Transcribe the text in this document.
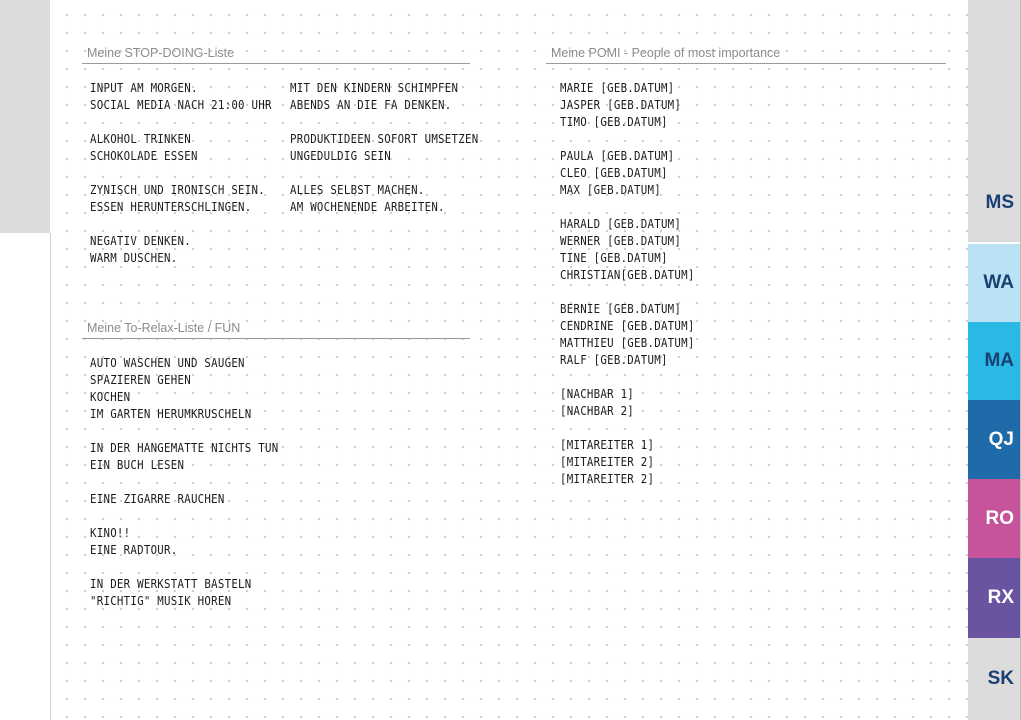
Meine STOP-DOING-Liste
INPUT AM MORGEN.
SOCIAL MEDIA NACH 21:00 UHR
ALKOHOL TRINKEN
SCHOKOLADE ESSEN
ZYNISCH UND IRONISCH SEIN.
ESSEN HERUNTERSCHLINGEN.
NEGATIV DENKEN.
WARM DUSCHEN.
MIT DEN KINDERN SCHIMPFEN
ABENDS AN DIE FA DENKEN.
PRODUKTIDEEN SOFORT UMSETZEN
UNGEDULDIG SEIN
ALLES SELBST MACHEN.
AM WOCHENENDE ARBEITEN.
Meine To-Relax-Liste / FUN
AUTO WASCHEN UND SAUGEN
SPAZIEREN GEHEN
KOCHEN
IM GARTEN HERUMKRUSCHELN
IN DER HANGEMATTE NICHTS TUN
EIN BUCH LESEN
EINE ZIGARRE RAUCHEN
KINO!!
EINE RADTOUR.
IN DER WERKSTATT BASTELN
"RICHTIG" MUSIK HOREN
Meine POMI - People of most importance
MARIE [GEB.DATUM]
JASPER [GEB.DATUM]
TIMO [GEB.DATUM]
PAULA [GEB.DATUM]
CLEO [GEB.DATUM]
MAX [GEB.DATUM]
HARALD [GEB.DATUM]
WERNER [GEB.DATUM]
TINE [GEB.DATUM]
CHRISTIAN[GEB.DATUM]
BERNIE [GEB.DATUM]
CENDRINE [GEB.DATUM]
MATTHIEU [GEB.DATUM]
RALF [GEB.DATUM]
[NACHBAR 1]
[NACHBAR 2]
[MITAREITER 1]
[MITAREITER 2]
[MITAREITER 2]
MS
WA
MA
QJ
RO
RX
SK
